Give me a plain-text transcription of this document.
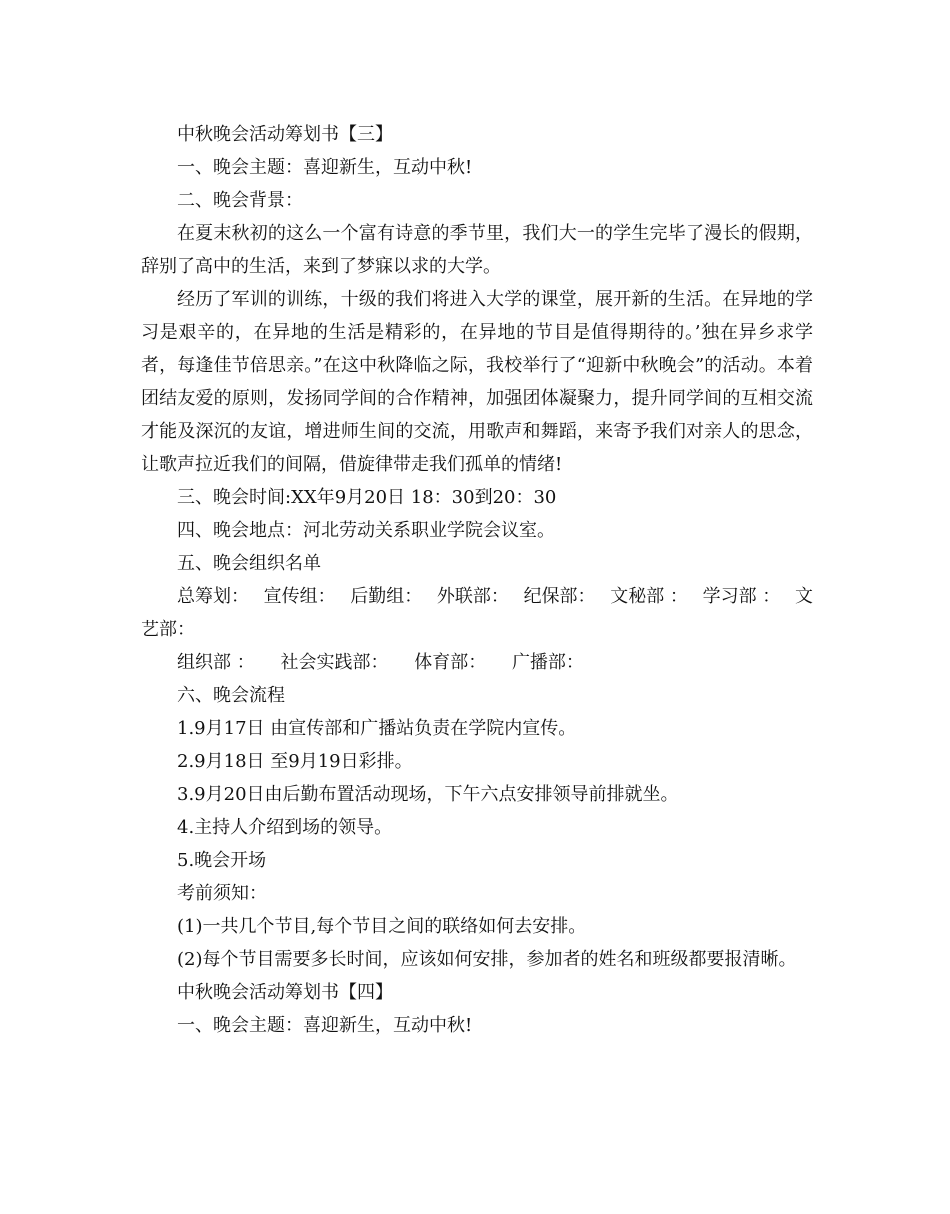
中秋晚会活动筹划书【三】

一、晚会主题：喜迎新生，互动中秋!

二、晚会背景：

在夏末秋初的这么一个富有诗意的季节里，我们大一的学生完毕了漫长的假期，辞别了高中的生活，来到了梦寐以求的大学。

经历了军训的训练，十级的我们将进入大学的课堂，展开新的生活。在异地的学习是艰辛的，在异地的生活是精彩的，在异地的节目是值得期待的。’独在异乡求学者，每逢佳节倍思亲。”在这中秋降临之际，我校举行了“迎新中秋晚会”的活动。本着团结友爱的原则，发扬同学间的合作精神，加强团体凝聚力，提升同学间的互相交流才能及深沉的友谊，增进师生间的交流，用歌声和舞蹈，来寄予我们对亲人的思念，让歌声拉近我们的间隔，借旋律带走我们孤单的情绪!

三、晚会时间:XX年9月20日 18：30到20：30

四、晚会地点：河北劳动关系职业学院会议室。

五、晚会组织名单

总筹划： 宣传组： 后勤组： 外联部： 纪保部： 文秘部 ： 学习部 ： 文
艺部：
组织部 ： 社会实践部： 体育部： 广播部：

六、晚会流程

1.9月17日 由宣传部和广播站负责在学院内宣传。

2.9月18日 至9月19日彩排。

3.9月20日由后勤布置活动现场，下午六点安排领导前排就坐。

4.主持人介绍到场的领导。

5.晚会开场

考前须知：

(1)一共几个节目,每个节目之间的联络如何去安排。

(2)每个节目需要多长时间，应该如何安排，参加者的姓名和班级都要报清晰。

中秋晚会活动筹划书【四】

一、晚会主题：喜迎新生，互动中秋!
